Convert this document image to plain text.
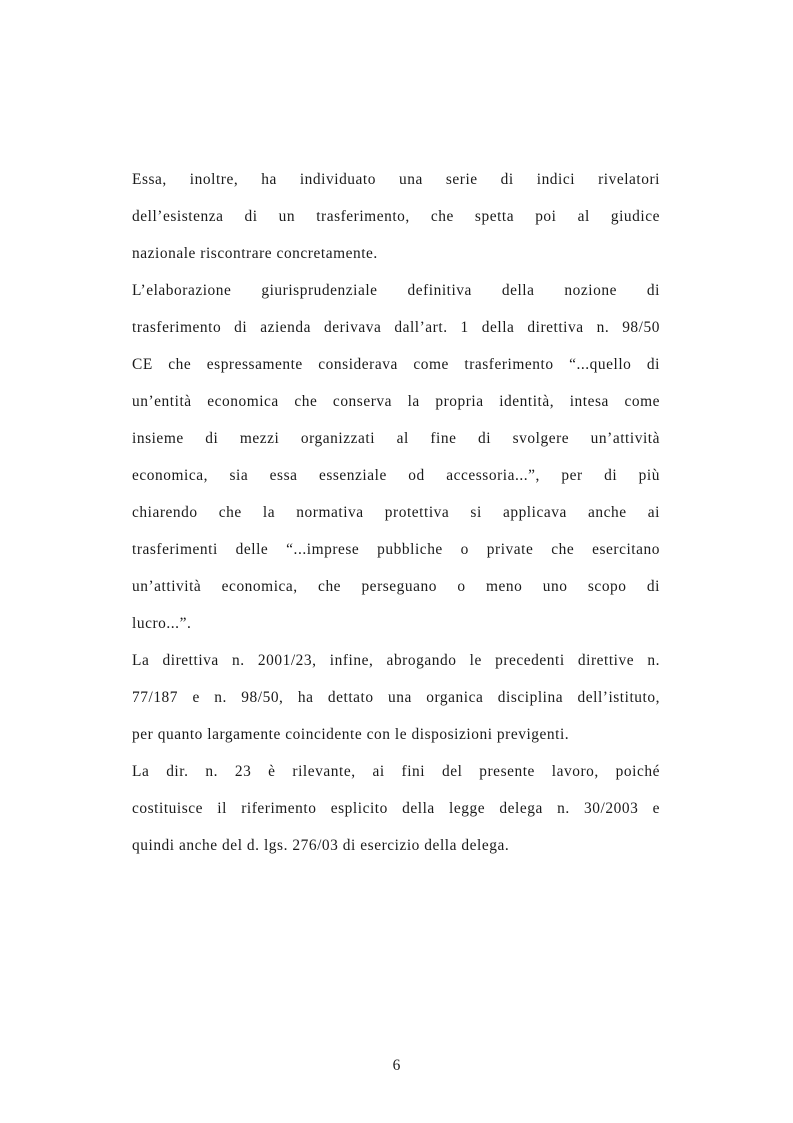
Essa, inoltre, ha individuato una serie di indici rivelatori
dell’esistenza di un trasferimento, che spetta poi al giudice
nazionale riscontrare concretamente.
L’elaborazione giurisprudenziale definitiva della nozione di
trasferimento di azienda derivava dall’art. 1 della direttiva n. 98/50
CE che espressamente considerava come trasferimento “...quello di
un’entità economica che conserva la propria identità, intesa come
insieme di mezzi organizzati al fine di svolgere un’attività
economica, sia essa essenziale od accessoria...”, per di più
chiarendo che la normativa protettiva si applicava anche ai
trasferimenti delle “...imprese pubbliche o private che esercitano
un’attività economica, che perseguano o meno uno scopo di
lucro...”.
La direttiva n. 2001/23, infine, abrogando le precedenti direttive n.
77/187 e n. 98/50, ha dettato una organica disciplina dell’istituto,
per quanto largamente coincidente con le disposizioni previgenti.
La dir. n. 23 è rilevante, ai fini del presente lavoro, poiché
costituisce il riferimento esplicito della legge delega n. 30/2003 e
quindi anche del d. lgs. 276/03 di esercizio della delega.
6
